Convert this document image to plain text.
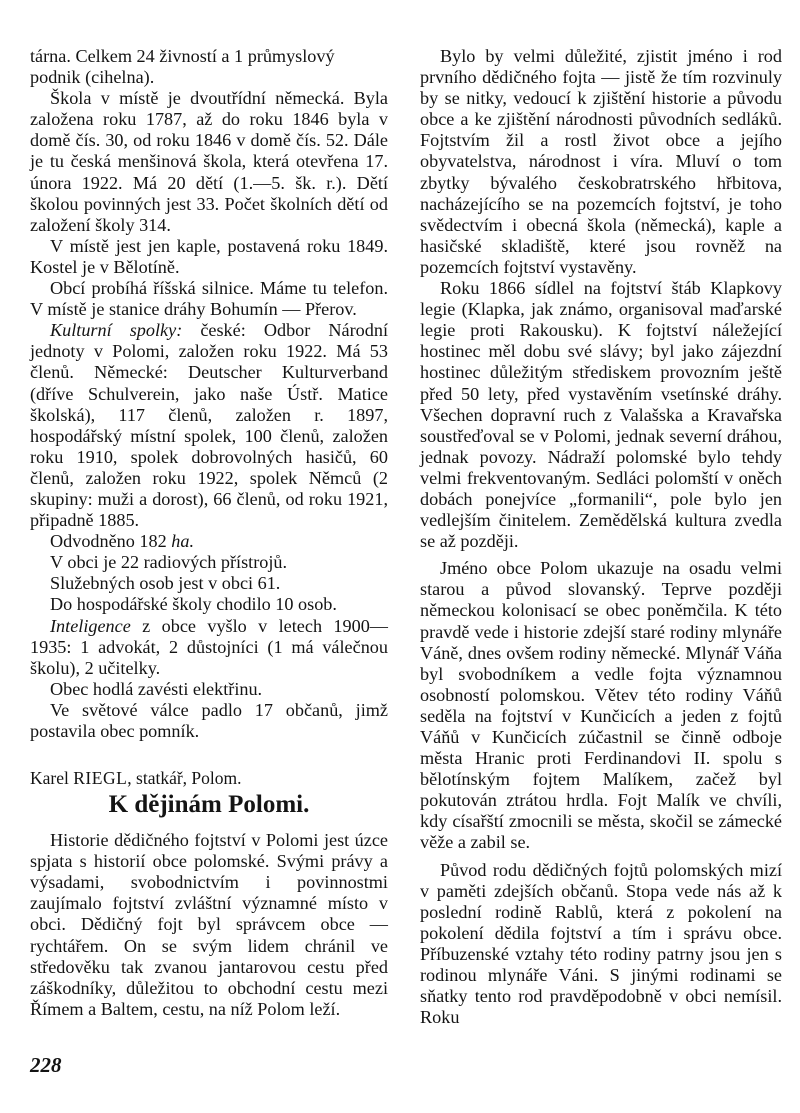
tárna. Celkem 24 živností a 1 průmyslový
podnik (cihelna).

Škola v místě je dvoutřídní německá. Byla založena roku 1787, až do roku 1846 byla v domě čís. 30, od roku 1846 v domě čís. 52. Dále je tu česká menšinová škola, která otevřena 17. února 1922. Má 20 dětí (1.—5. šk. r.). Dětí školou povinných jest 33. Počet školních dětí od založení školy 314.

V místě jest jen kaple, postavená roku 1849. Kostel je v Bělotíně.

Obcí probíhá říšská silnice. Máme tu telefon. V místě je stanice dráhy Bohumín — Přerov.

Kulturní spolky: české: Odbor Národní jednoty v Polomi, založen roku 1922. Má 53 členů. Německé: Deutscher Kulturverband (dříve Schulverein, jako naše Ústř. Matice školská), 117 členů, založen r. 1897, hospodářský místní spolek, 100 členů, založen roku 1910, spolek dobrovolných hasičů, 60 členů, založen roku 1922, spolek Němců (2 skupiny: muži a dorost), 66 členů, od roku 1921, připadně 1885.

Odvodněno 182 ha.

V obci je 22 radiových přístrojů.

Služebných osob jest v obci 61.

Do hospodářské školy chodilo 10 osob.

Inteligence z obce vyšlo v letech 1900—1935: 1 advokát, 2 důstojníci (1 má válečnou školu), 2 učitelky.

Obec hodlá zavésti elektřinu.

Ve světové válce padlo 17 občanů, jimž postavila obec pomník.

Karel RIEGL, statkář, Polom.

K dějinám Polomi.

Historie dědičného fojtství v Polomi jest úzce spjata s historií obce polomské. Svými právy a výsadami, svobodnictvím i povinnostmi zaujímalo fojtství zvláštní významné místo v obci. Dědičný fojt byl správcem obce — rychtářem. On se svým lidem chránil ve středověku tak zvanou jantarovou cestu před záškodníky, důležitou to obchodní cestu mezi Římem a Baltem, cestu, na níž Polom leží.

Bylo by velmi důležité, zjistit jméno i rod prvního dědičného fojta — jistě že tím rozvinuly by se nitky, vedoucí k zjištění historie a původu obce a ke zjištění národnosti původních sedláků. Fojtstvím žil a rostl život obce a jejího obyvatelstva, národnost i víra. Mluví o tom zbytky bývalého českobratrského hřbitova, nacházejícího se na pozemcích fojtství, je toho svědectvím i obecná škola (německá), kaple a hasičské skladiště, které jsou rovněž na pozemcích fojtství vystavěny.

Roku 1866 sídlel na fojtství štáb Klapkovy legie (Klapka, jak známo, organisoval maďarské legie proti Rakousku). K fojtství náležející hostinec měl dobu své slávy; byl jako zájezdní hostinec důležitým střediskem provozním ještě před 50 lety, před vystavěním vsetínské dráhy. Všechen dopravní ruch z Valašska a Kravařska soustřeďoval se v Polomi, jednak severní dráhou, jednak povozy. Nádraží polomské bylo tehdy velmi frekventovaným. Sedláci polomští v oněch dobách ponejvíce „formanili“, pole bylo jen vedlejším činitelem. Zemědělská kultura zvedla se až později.

Jméno obce Polom ukazuje na osadu velmi starou a původ slovanský. Teprve později německou kolonisací se obec poněmčila. K této pravdě vede i historie zdejší staré rodiny mlynáře Váně, dnes ovšem rodiny německé. Mlynář Váňa byl svobodníkem a vedle fojta významnou osobností polomskou. Větev této rodiny Váňů seděla na fojtství v Kunčicích a jeden z fojtů Váňů v Kunčicích zúčastnil se činně odboje města Hranic proti Ferdinandovi II. spolu s bělotínským fojtem Malíkem, začež byl pokutován ztrátou hrdla. Fojt Malík ve chvíli, kdy císařští zmocnili se města, skočil se zámecké věže a zabil se.

Původ rodu dědičných fojtů polomských mizí v paměti zdejších občanů. Stopa vede nás až k poslední rodině Rablů, která z pokolení na pokolení dědila fojtství a tím i správu obce. Příbuzenské vztahy této rodiny patrny jsou jen s rodinou mlynáře Váni. S jinými rodinami se sňatky tento rod pravděpodobně v obci nemísil. Roku

228
